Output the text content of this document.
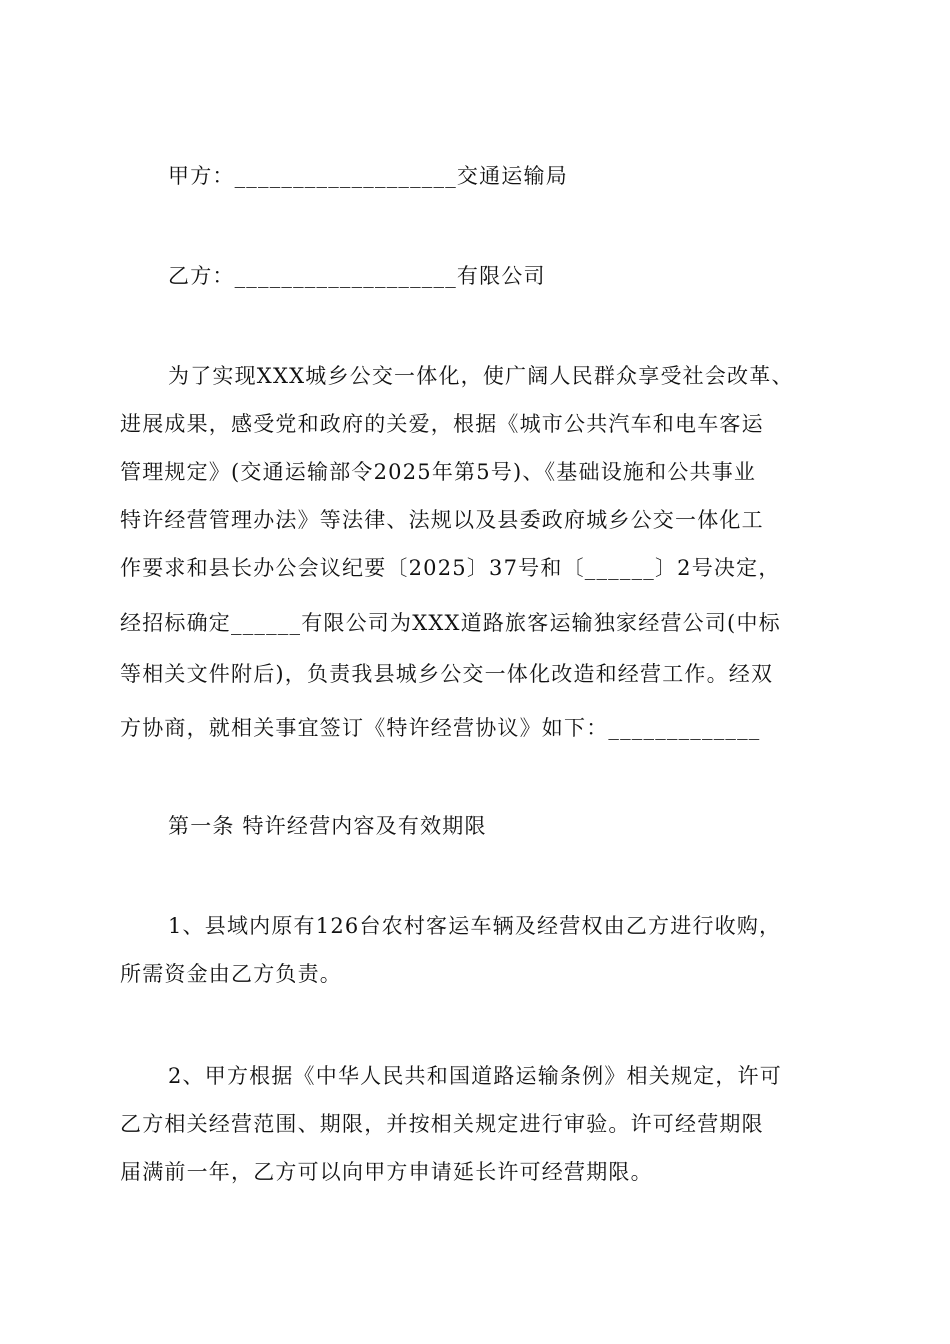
甲方：___________________交通运输局
乙方：___________________有限公司
为了实现XXX城乡公交一体化，使广阔人民群众享受社会改革、
进展成果，感受党和政府的关爱，根据《城市公共汽车和电车客运
管理规定》(交通运输部令2025年第5号)、《基础设施和公共事业
特许经营管理办法》等法律、法规以及县委政府城乡公交一体化工
作要求和县长办公会议纪要〔2025〕37号和〔______〕2号决定，
经招标确定______有限公司为XXX道路旅客运输独家经营公司(中标
等相关文件附后)，负责我县城乡公交一体化改造和经营工作。经双
方协商，就相关事宜签订《特许经营协议》如下：_____________
第一条 特许经营内容及有效期限
1、县域内原有126台农村客运车辆及经营权由乙方进行收购，
所需资金由乙方负责。
2、甲方根据《中华人民共和国道路运输条例》相关规定，许可
乙方相关经营范围、期限，并按相关规定进行审验。许可经营期限
届满前一年，乙方可以向甲方申请延长许可经营期限。
